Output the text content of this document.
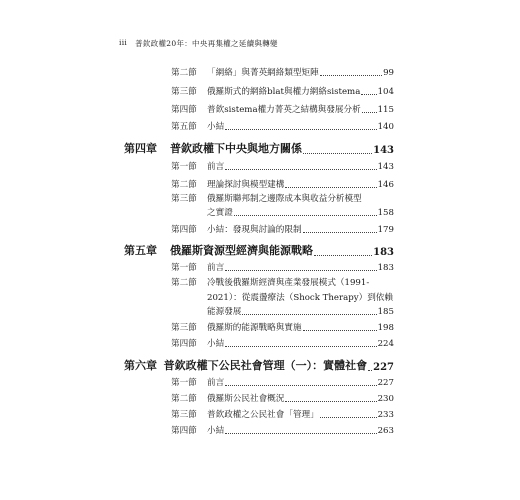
iii 普欽政權20年：中央再集權之延續與轉變
第二節	「網絡」與菁英網絡類型矩陣	99
第三節	俄羅斯式的網絡blat與權力網絡sistema 104
第四節	普欽sistema權力菁英之結構與發展分析 115
第五節	小結	140
第四章	普欽政權下中央與地方關係	143
第一節	前言	143
第二節	理論探討與模型建構	146
第三節	俄羅斯聯邦制之邊際成本與收益分析模型
之實證	158
第四節	小結：發現與討論的限制	179
第五章	俄羅斯資源型經濟與能源戰略	183
第一節	前言	183
第二節	冷戰後俄羅斯經濟與產業發展模式（1991-
2021）：從震盪療法（Shock Therapy）到依賴
能源發展	185
第三節	俄羅斯的能源戰略與實施	198
第四節	小結	224
第六章 普欽政權下公民社會管理（一）：實體社會 227
第一節	前言	227
第二節	俄羅斯公民社會概況	230
第三節	普欽政權之公民社會「管理」	233
第四節	小結	263
